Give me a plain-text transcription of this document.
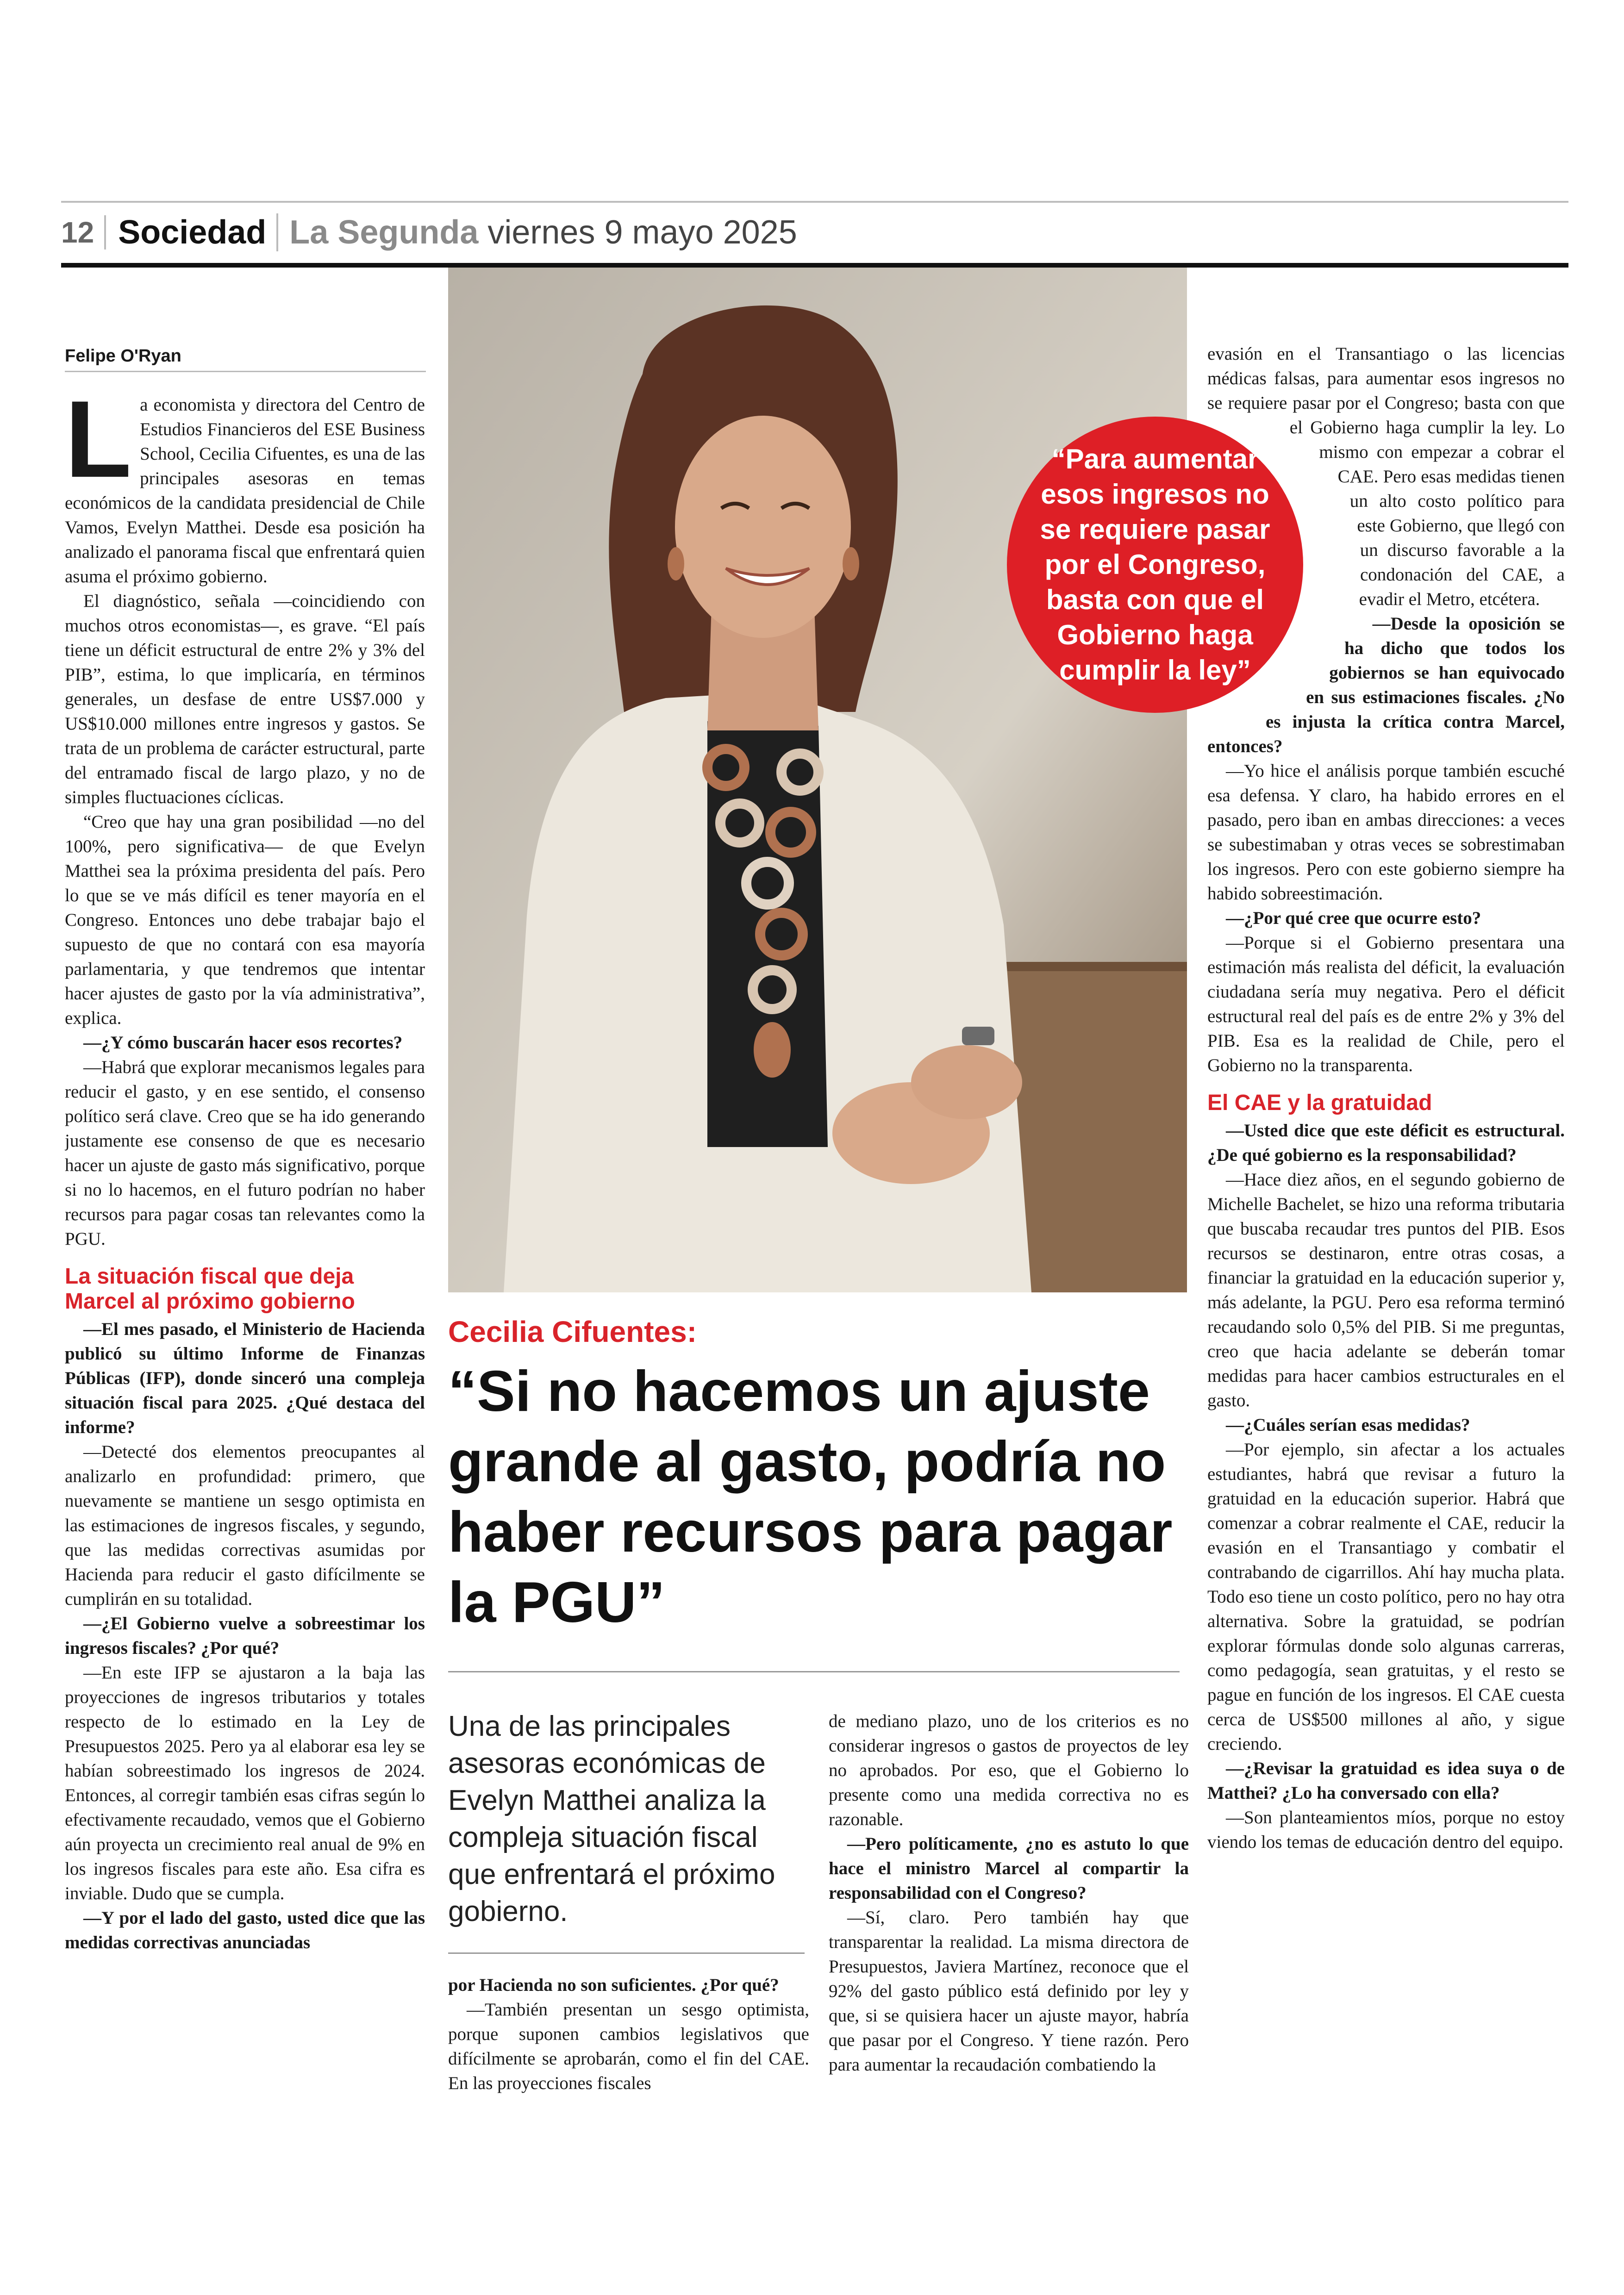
12 Sociedad La Segunda viernes 9 mayo 2025
Felipe O'Ryan
L a economista y directora del Centro de Estudios Financieros del ESE Business School, Cecilia Cifuentes, es una de las principales asesoras en temas económicos de la candidata presidencial de Chile Vamos, Evelyn Matthei. Desde esa posición ha analizado el panorama fiscal que enfrentará quien asuma el próximo gobierno.

El diagnóstico, señala —coincidiendo con muchos otros economistas—, es grave. “El país tiene un déficit estructural de entre 2% y 3% del PIB”, estima, lo que implicaría, en términos generales, un desfase de entre US$7.000 y US$10.000 millones entre ingresos y gastos. Se trata de un problema de carácter estructural, parte del entramado fiscal de largo plazo, y no de simples fluctuaciones cíclicas.

“Creo que hay una gran posibilidad —no del 100%, pero significativa— de que Evelyn Matthei sea la próxima presidenta del país. Pero lo que se ve más difícil es tener mayoría en el Congreso. Entonces uno debe trabajar bajo el supuesto de que no contará con esa mayoría parlamentaria, y que tendremos que intentar hacer ajustes de gasto por la vía administrativa”, explica.

—¿Y cómo buscarán hacer esos recortes?

—Habrá que explorar mecanismos legales para reducir el gasto, y en ese sentido, el consenso político será clave. Creo que se ha ido generando justamente ese consenso de que es necesario hacer un ajuste de gasto más significativo, porque si no lo hacemos, en el futuro podrían no haber recursos para pagar cosas tan relevantes como la PGU.

La situación fiscal que deja Marcel al próximo gobierno

—El mes pasado, el Ministerio de Hacienda publicó su último Informe de Finanzas Públicas (IFP), donde sinceró una compleja situación fiscal para 2025. ¿Qué destaca del informe?

—Detecté dos elementos preocupantes al analizarlo en profundidad: primero, que nuevamente se mantiene un sesgo optimista en las estimaciones de ingresos fiscales, y segundo, que las medidas correctivas asumidas por Hacienda para reducir el gasto difícilmente se cumplirán en su totalidad.

—¿El Gobierno vuelve a sobreestimar los ingresos fiscales? ¿Por qué?

—En este IFP se ajustaron a la baja las proyecciones de ingresos tributarios y totales respecto de lo estimado en la Ley de Presupuestos 2025. Pero ya al elaborar esa ley se habían sobreestimado los ingresos de 2024. Entonces, al corregir también esas cifras según lo efectivamente recaudado, vemos que el Gobierno aún proyecta un crecimiento real anual de 9% en los ingresos fiscales para este año. Esa cifra es inviable. Dudo que se cumpla.

—Y por el lado del gasto, usted dice que las medidas correctivas anunciadas

“Para aumentar esos ingresos no se requiere pasar por el Congreso, basta con que el Gobierno haga cumplir la ley”

evasión en el Transantiago o las licencias médicas falsas, para aumentar esos ingresos no se requiere pasar por el Congreso; basta con que el Gobierno haga cumplir la ley. Lo mismo con empezar a cobrar el CAE. Pero esas medidas tienen un alto costo político para este Gobierno, que llegó con un discurso favorable a la condonación del CAE, a evadir el Metro, etcétera.

—Desde la oposición se ha dicho que todos los gobiernos se han equivocado en sus estimaciones fiscales. ¿No es injusta la crítica contra Marcel, entonces?

—Yo hice el análisis porque también escuché esa defensa. Y claro, ha habido errores en el pasado, pero iban en ambas direcciones: a veces se subestimaban y otras veces se sobrestimaban los ingresos. Pero con este gobierno siempre ha habido sobreestimación.

—¿Por qué cree que ocurre esto?

—Porque si el Gobierno presentara una estimación más realista del déficit, la evaluación ciudadana sería muy negativa. Pero el déficit estructural real del país es de entre 2% y 3% del PIB. Esa es la realidad de Chile, pero el Gobierno no la transparenta.

El CAE y la gratuidad

—Usted dice que este déficit es estructural. ¿De qué gobierno es la responsabilidad?

—Hace diez años, en el segundo gobierno de Michelle Bachelet, se hizo una reforma tributaria que buscaba recaudar tres puntos del PIB. Esos recursos se destinaron, entre otras cosas, a financiar la gratuidad en la educación superior y, más adelante, la PGU. Pero esa reforma terminó recaudando solo 0,5% del PIB. Si me preguntas, creo que hacia adelante se deberán tomar medidas para hacer cambios estructurales en el gasto.

—¿Cuáles serían esas medidas?

—Por ejemplo, sin afectar a los actuales estudiantes, habrá que revisar a futuro la gratuidad en la educación superior. Habrá que comenzar a cobrar realmente el CAE, reducir la evasión en el Transantiago y combatir el contrabando de cigarrillos. Ahí hay mucha plata. Todo eso tiene un costo político, pero no hay otra alternativa. Sobre la gratuidad, se podrían explorar fórmulas donde solo algunas carreras, como pedagogía, sean gratuitas, y el resto se pague en función de los ingresos. El CAE cuesta cerca de US$500 millones al año, y sigue creciendo.

—¿Revisar la gratuidad es idea suya o de Matthei? ¿Lo ha conversado con ella?

—Son planteamientos míos, porque no estoy viendo los temas de educación dentro del equipo.

Cecilia Cifuentes:
“Si no hacemos un ajuste grande al gasto, podría no haber recursos para pagar la PGU”
Una de las principales asesoras económicas de Evelyn Matthei analiza la compleja situación fiscal que enfrentará el próximo gobierno.

por Hacienda no son suficientes. ¿Por qué?

—También presentan un sesgo optimista, porque suponen cambios legislativos que difícilmente se aprobarán, como el fin del CAE. En las proyecciones fiscales

de mediano plazo, uno de los criterios es no considerar ingresos o gastos de proyectos de ley no aprobados. Por eso, que el Gobierno lo presente como una medida correctiva no es razonable.

—Pero políticamente, ¿no es astuto lo que hace el ministro Marcel al compartir la responsabilidad con el Congreso?

—Sí, claro. Pero también hay que transparentar la realidad. La misma directora de Presupuestos, Javiera Martínez, reconoce que el 92% del gasto público está definido por ley y que, si se quisiera hacer un ajuste mayor, habría que pasar por el Congreso. Y tiene razón. Pero para aumentar la recaudación combatiendo la
